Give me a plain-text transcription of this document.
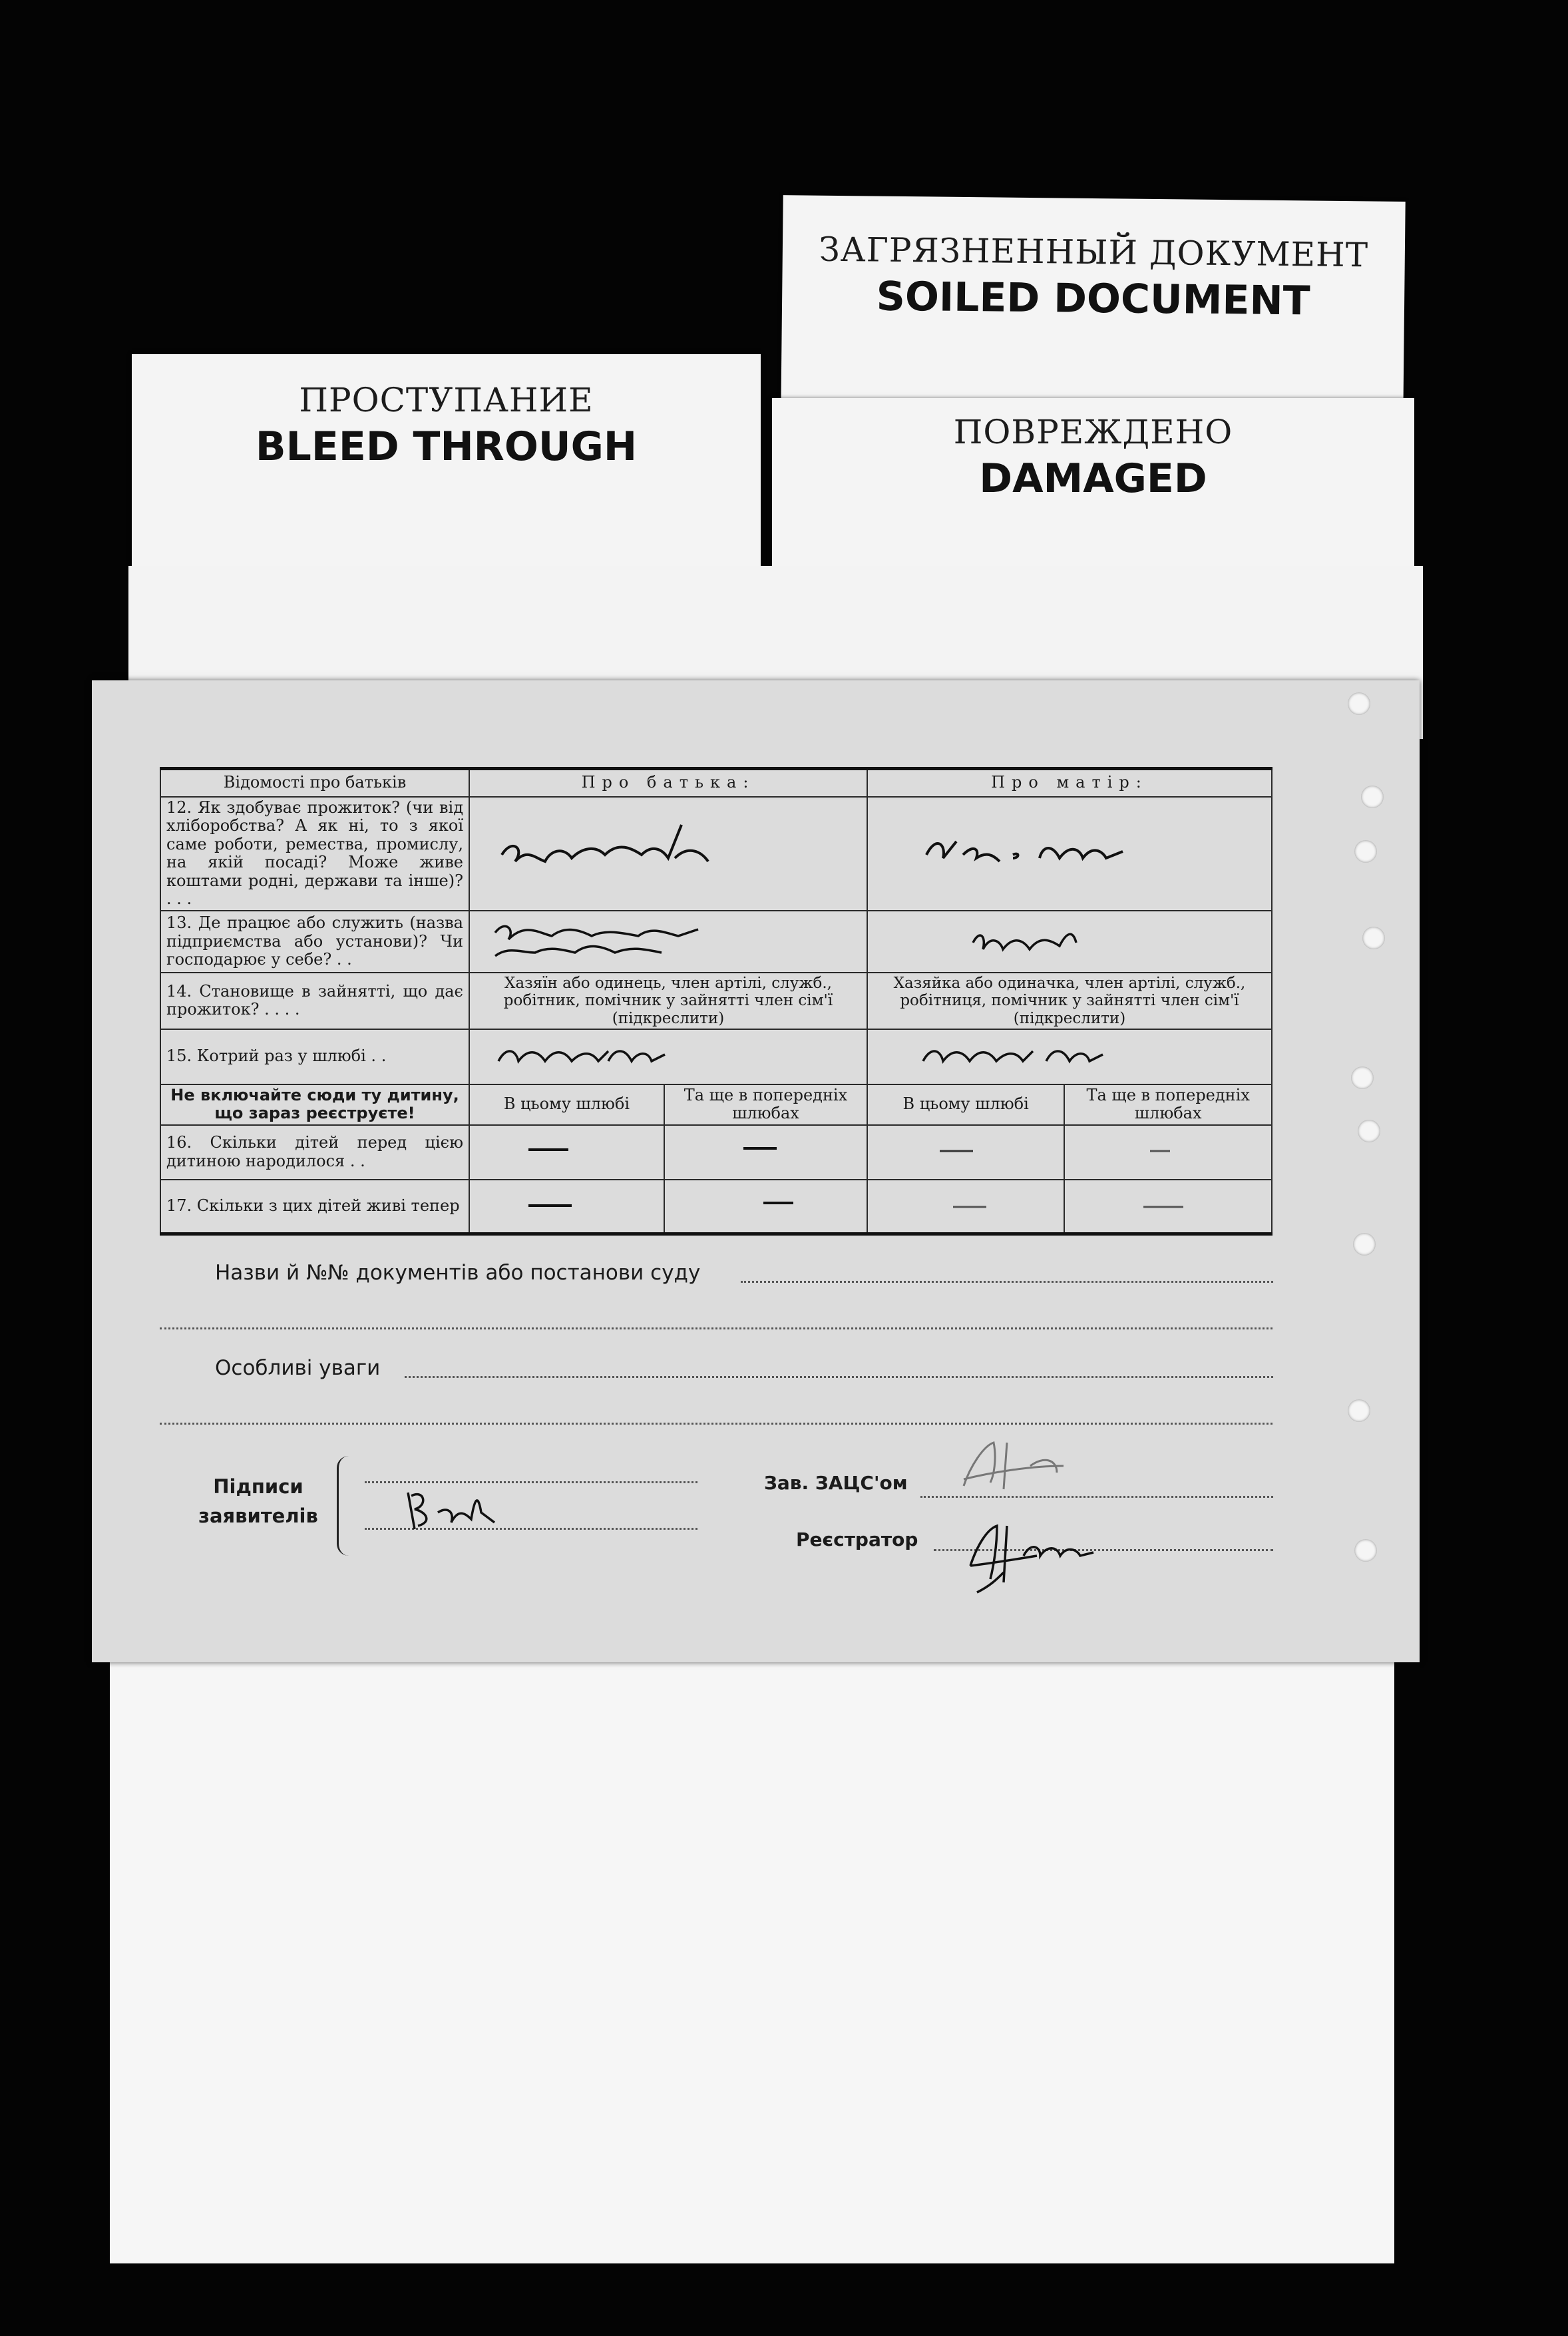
ПРОСТУПАНИЕ
BLEED THROUGH
ЗАГРЯЗНЕННЫЙ ДОКУМЕНТ
SOILED DOCUMENT
ПОВРЕЖДЕНО
DAMAGED
Відомості про батьків	Про батька:		Про матір:	
12. Як здобуває прожиток? (чи від хліборобства? А як ні, то з якої саме роботи, ремества, промислу, на якій посаді? Може живе коштами родні, держави та інше)? . . .		
13. Де працює або служить (назва підприємства або установи)? Чи господарює у себе? . .		
14. Становище в зайнятті, що дає прожиток? . . . .	Хазяїн або одинець, член артілі, служб., робітник, помічник у зайнятті член сім'ї (підкреслити)		Хазяйка або одиначка, член артілі, служб., робітниця, помічник у зайнятті член сім'ї (підкреслити)	
15. Котрий раз у шлюбі . .		
Не включайте сюди ту дитину, що зараз реєструєте!	В цьому шлюбі	Та ще в попередніх шлюбах	В цьому шлюбі	Та ще в попередніх шлюбах
16. Скільки дітей перед цією дитиною народилося . .				
17. Скільки з цих дітей живі тепер				
Назви й №№ документів або постанови суду
Особливі уваги
Підписи заявителів
Зав. ЗАЦС'ом
Реєстратор
